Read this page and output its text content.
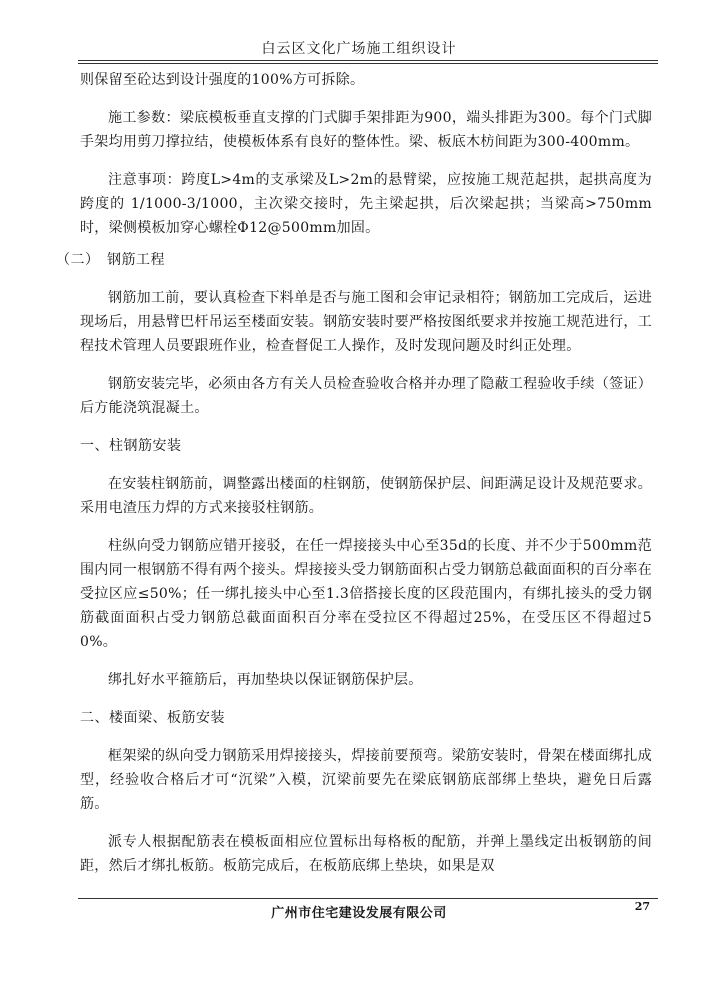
白云区文化广场施工组织设计

则保留至砼达到设计强度的100%方可拆除。

施工参数：梁底模板垂直支撑的门式脚手架排距为900，端头排距为300。每个门式脚手架均用剪刀撑拉结，使模板体系有良好的整体性。梁、板底木枋间距为300-400mm。

注意事项：跨度L>4m的支承梁及L>2m的悬臂梁，应按施工规范起拱，起拱高度为跨度的 1/1000-3/1000，主次梁交接时，先主梁起拱，后次梁起拱；当梁高>750mm时，梁侧模板加穿心螺栓Φ12@500mm加固。

（二）　钢筋工程

钢筋加工前，要认真检查下料单是否与施工图和会审记录相符；钢筋加工完成后，运进现场后，用悬臂巴杆吊运至楼面安装。钢筋安装时要严格按图纸要求并按施工规范进行，工程技术管理人员要跟班作业，检查督促工人操作，及时发现问题及时纠正处理。

钢筋安装完毕，必须由各方有关人员检查验收合格并办理了隐蔽工程验收手续（签证）后方能浇筑混凝土。

一、柱钢筋安装

在安装柱钢筋前，调整露出楼面的柱钢筋，使钢筋保护层、间距满足设计及规范要求。采用电渣压力焊的方式来接驳柱钢筋。

柱纵向受力钢筋应错开接驳，在任一焊接接头中心至35d的长度、并不少于500mm范围内同一根钢筋不得有两个接头。焊接接头受力钢筋面积占受力钢筋总截面面积的百分率在受拉区应≤50%；任一绑扎接头中心至1.3倍搭接长度的区段范围内，有绑扎接头的受力钢筋截面面积占受力钢筋总截面面积百分率在受拉区不得超过25%，在受压区不得超过50%。

绑扎好水平箍筋后，再加垫块以保证钢筋保护层。

二、楼面梁、板筋安装

框架梁的纵向受力钢筋采用焊接接头，焊接前要预弯。梁筋安装时，骨架在楼面绑扎成型，经验收合格后才可“沉梁”入模，沉梁前要先在梁底钢筋底部绑上垫块，避免日后露筋。

派专人根据配筋表在模板面相应位置标出每格板的配筋，并弹上墨线定出板钢筋的间距，然后才绑扎板筋。板筋完成后，在板筋底绑上垫块，如果是双

广州市住宅建设发展有限公司	27
